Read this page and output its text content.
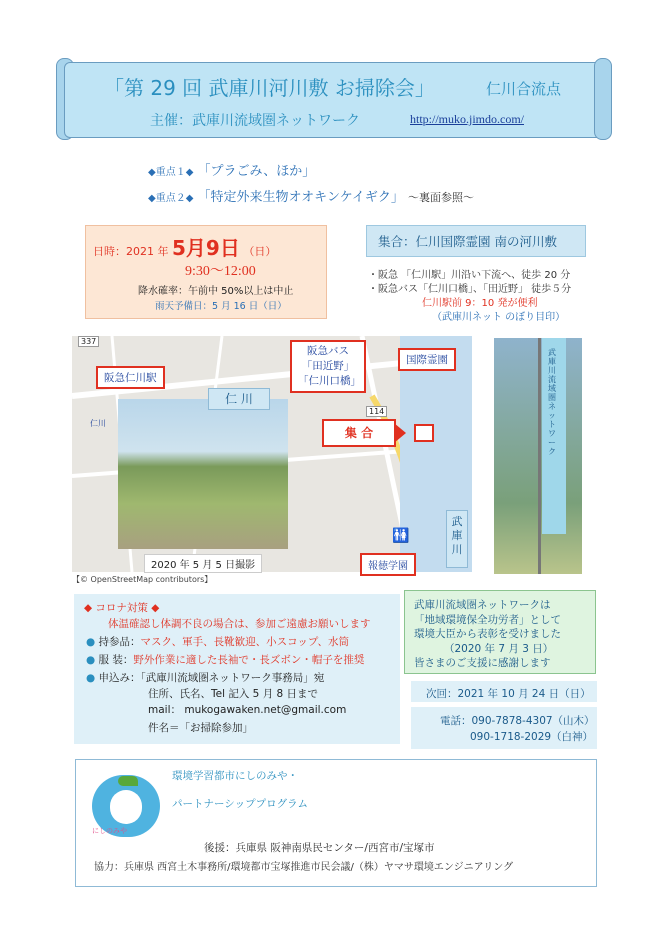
「第 29 回 武庫川河川敷 お掃除会」	仁川合流点
主催：武庫川流域圏ネットワーク	http://muko.jimdo.com/
◆重点１◆ 「プラごみ、ほか」
◆重点２◆ 「特定外来生物オオキンケイギク」 ～裏面参照～
日時：2021 年 5月9日 （日）
9:30～12:00
降水確率：午前中 50%以上は中止
雨天予備日：5 月 16 日（日）
集合：仁川国際霊園 南の河川敷
・阪急 「仁川駅」川沿い下流へ、徒歩 20 分
・阪急バス「仁川口橋」、「田近野」 徒歩５分
仁川駅前 9：10 発が便利
（武庫川ネット のぼり目印）
337
114
仁川
阪急仁川駅
仁 川
阪急バス
「田近野」
「仁川口橋」
国際霊園
集 合
武庫川
🚻
報徳学園
2020 年 5 月 5 日撮影
【© OpenStreetMap contributors】
武庫川流域圏ネットワーク
◆ コロナ対策 ◆
体温確認し体調不良の場合は、参加ご遠慮お願いします
● 持参品：マスク、軍手、長靴歓迎、小スコップ、水筒
● 服 装：野外作業に適した長袖で・長ズボン・帽子を推奨
● 申込み：「武庫川流域圏ネットワーク事務局」宛
住所、氏名、Tel 記入 5 月 8 日まで
mail： mukogawaken.net@gmail.com
件名＝「お掃除参加」
武庫川流域圏ネットワークは
「地域環境保全功労者」として
環境大臣から表彰を受けました
（2020 年 7 月 3 日）
皆さまのご支援に感謝します
次回：2021 年 10 月 24 日（日）
電話：090-7878-4307（山木）
090-1718-2029（白神）
にしのみや
環境学習都市にしのみや・
パートナーシッププログラム
後援：兵庫県 阪神南県民センター/西宮市/宝塚市
協力：兵庫県 西宮土木事務所/環境都市宝塚推進市民会議/（株）ヤマサ環境エンジニアリング
